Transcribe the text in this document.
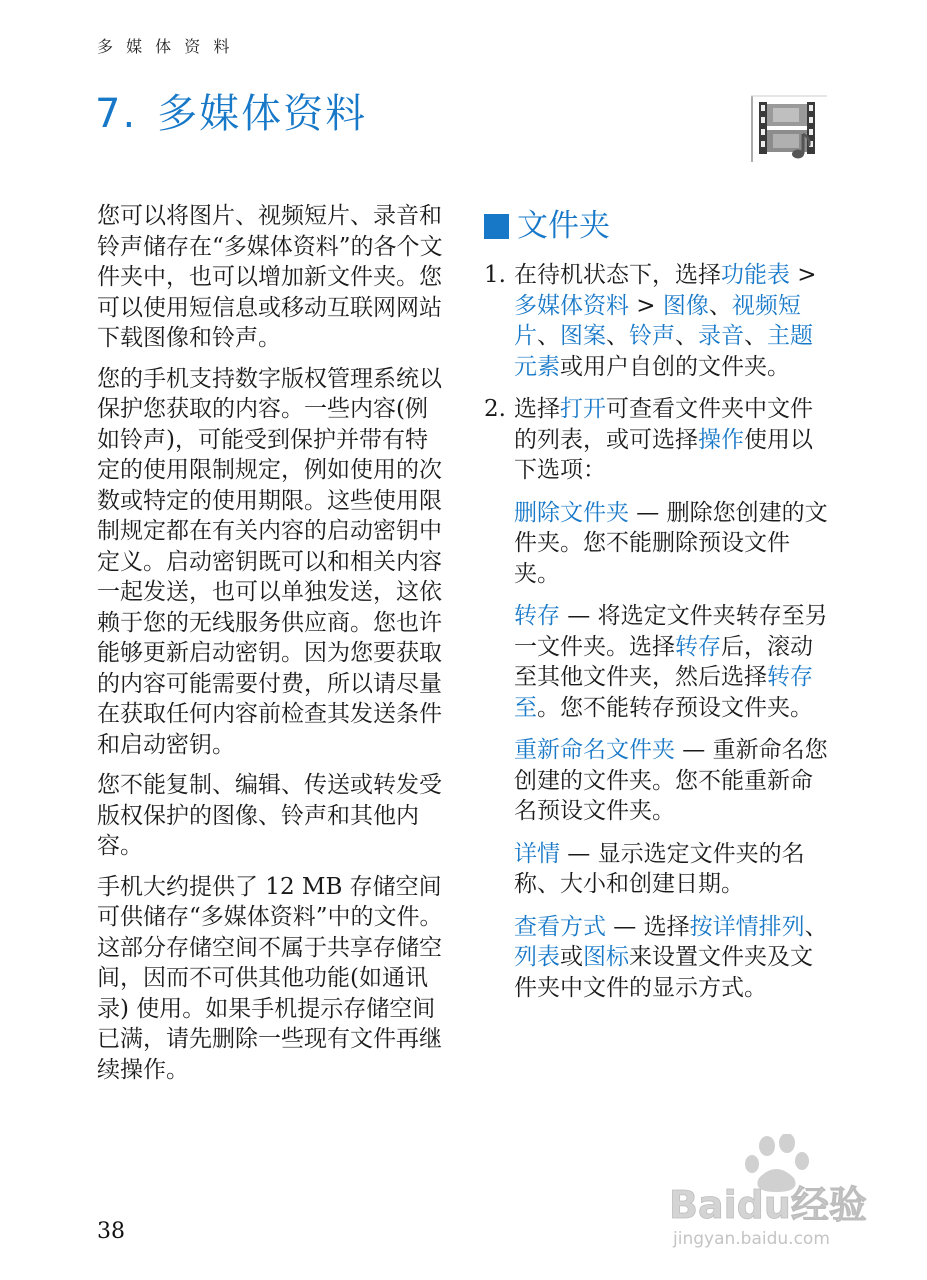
多 媒 体 资 料
7. 多媒体资料

您可以将图片、视频短片、录音和铃声储存在“多媒体资料”的各个文件夹中，也可以增加新文件夹。您可以使用短信息或移动互联网网站下载图像和铃声。

您的手机支持数字版权管理系统以保护您获取的内容。一些内容(例如铃声)，可能受到保护并带有特定的使用限制规定，例如使用的次数或特定的使用期限。这些使用限制规定都在有关内容的启动密钥中定义。启动密钥既可以和相关内容一起发送，也可以单独发送，这依赖于您的无线服务供应商。您也许能够更新启动密钥。因为您要获取的内容可能需要付费，所以请尽量在获取任何内容前检查其发送条件和启动密钥。

您不能复制、编辑、传送或转发受版权保护的图像、铃声和其他内容。

手机大约提供了 12 MB 存储空间可供储存“多媒体资料”中的文件。这部分存储空间不属于共享存储空间，因而不可供其他功能(如通讯录) 使用。如果手机提示存储空间已满，请先删除一些现有文件再继续操作。

文件夹
1. 在待机状态下，选择功能表 > 多媒体资料 > 图像、视频短片、图案、铃声、录音、主题元素或用户自创的文件夹。
2. 选择打开可查看文件夹中文件的列表，或可选择操作使用以下选项：
删除文件夹 — 删除您创建的文件夹。您不能删除预设文件夹。
转存 — 将选定文件夹转存至另一文件夹。选择转存后，滚动至其他文件夹，然后选择转存至。您不能转存预设文件夹。
重新命名文件夹 — 重新命名您创建的文件夹。您不能重新命名预设文件夹。
详情 — 显示选定文件夹的名称、大小和创建日期。
查看方式 — 选择按详情排列、列表或图标来设置文件夹及文件夹中文件的显示方式。
38
Baidu经验
jingyan.baidu.com
